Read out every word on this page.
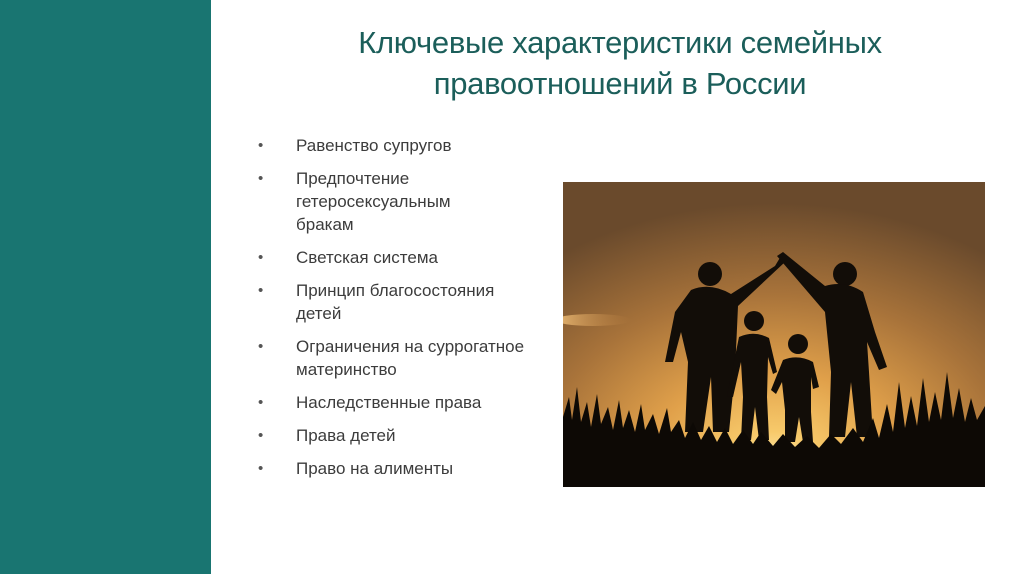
Ключевые характеристики семейных правоотношений в России
•	Равенство супругов
•	Предпочтение гетеросексуальным бракам
•	Светская система
•	Принцип благосостояния детей
•	Ограничения на суррогатное материнство
•	Наследственные права
•	Права детей
•	Право на алименты
